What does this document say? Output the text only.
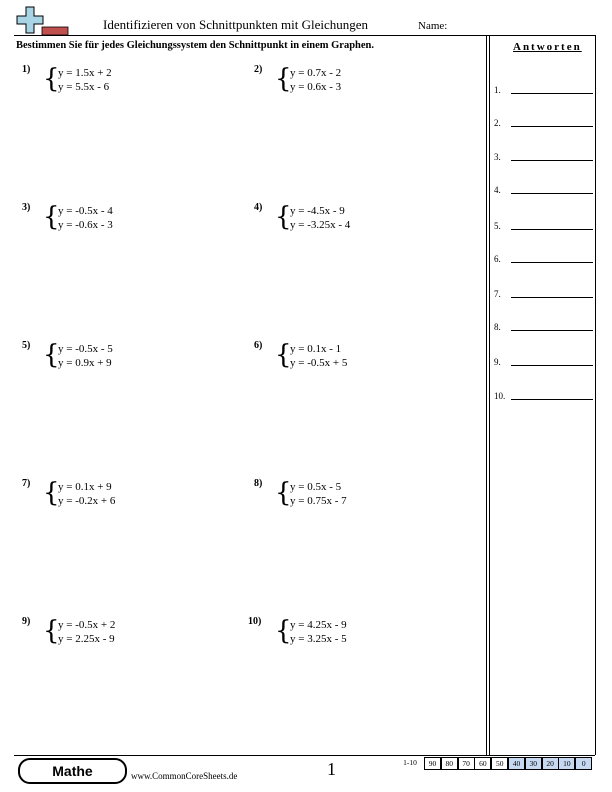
Identifizieren von Schnittpunkten mit Gleichungen	Name:
Bestimmen Sie für jedes Gleichungssystem den Schnittpunkt in einem Graphen.	Antworten
1.
2.
3.
4.
5.
6.
7.
8.
9.
10.
1) {
y = 1.5x + 2
y = 5.5x - 6
2) {
y = 0.7x - 2
y = 0.6x - 3
3) {
y = -0.5x - 4
y = -0.6x - 3
4) {
y = -4.5x - 9
y = -3.25x - 4
5) {
y = -0.5x - 5
y = 0.9x + 9
6) {
y = 0.1x - 1
y = -0.5x + 5
7) {
y = 0.1x + 9
y = -0.2x + 6
8) {
y = 0.5x - 5
y = 0.75x - 7
9) {
y = -0.5x + 2
y = 2.25x - 9
10) {
y = 4.25x - 9
y = 3.25x - 5
Mathe	www.CommonCoreSheets.de	1	1-10	90	80	70	60	50	40	30	20	10	0
